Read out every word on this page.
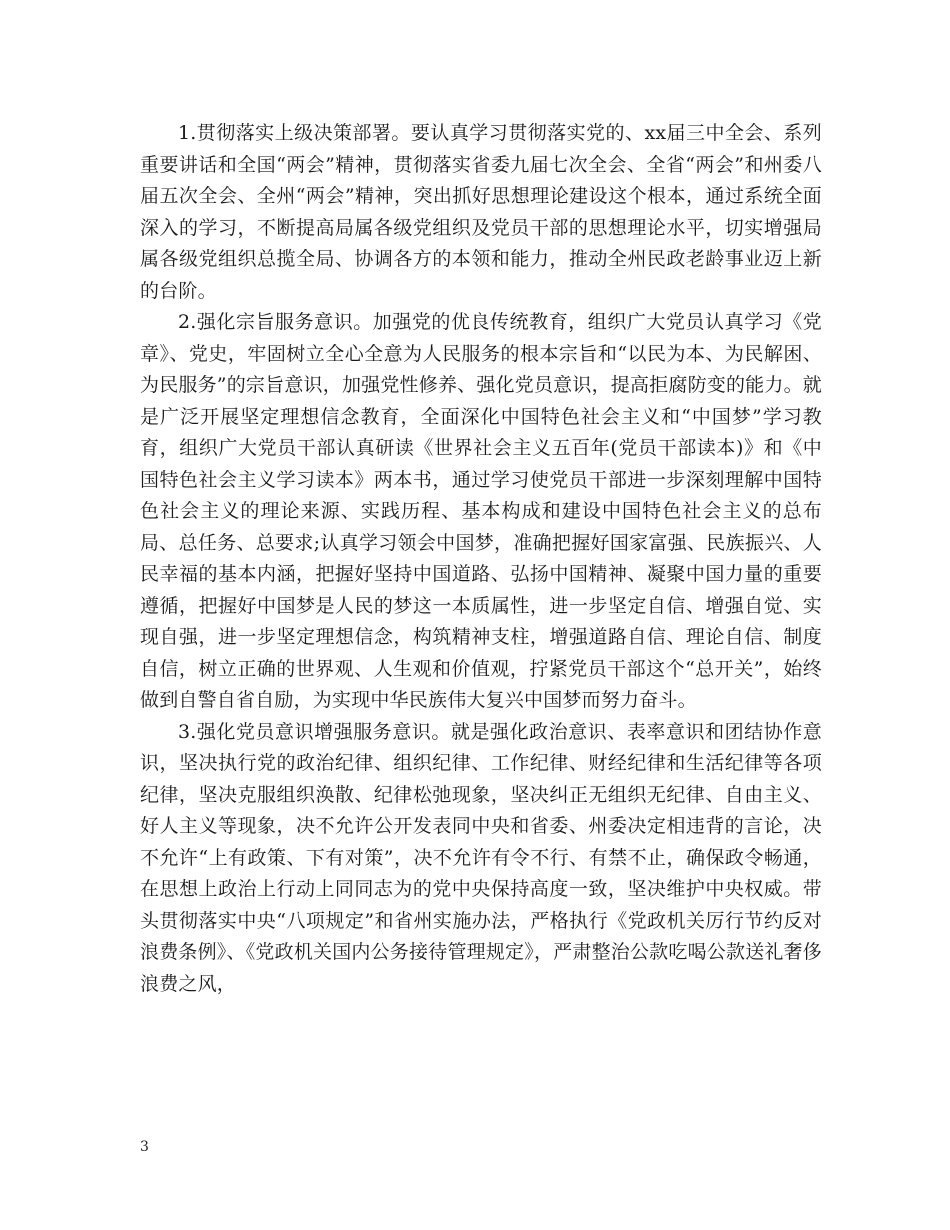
1.贯彻落实上级决策部署。要认真学习贯彻落实党的、xx届三中全会、系列重要讲话和全国“两会”精神，贯彻落实省委九届七次全会、全省“两会”和州委八届五次全会、全州“两会”精神，突出抓好思想理论建设这个根本，通过系统全面深入的学习，不断提高局属各级党组织及党员干部的思想理论水平，切实增强局属各级党组织总揽全局、协调各方的本领和能力，推动全州民政老龄事业迈上新的台阶。

2.强化宗旨服务意识。加强党的优良传统教育，组织广大党员认真学习《党章》、党史，牢固树立全心全意为人民服务的根本宗旨和“以民为本、为民解困、为民服务”的宗旨意识，加强党性修养、强化党员意识，提高拒腐防变的能力。就是广泛开展坚定理想信念教育，全面深化中国特色社会主义和“中国梦”学习教育，组织广大党员干部认真研读《世界社会主义五百年(党员干部读本)》和《中国特色社会主义学习读本》两本书，通过学习使党员干部进一步深刻理解中国特色社会主义的理论来源、实践历程、基本构成和建设中国特色社会主义的总布局、总任务、总要求;认真学习领会中国梦，准确把握好国家富强、民族振兴、人民幸福的基本内涵，把握好坚持中国道路、弘扬中国精神、凝聚中国力量的重要遵循，把握好中国梦是人民的梦这一本质属性，进一步坚定自信、增强自觉、实现自强，进一步坚定理想信念，构筑精神支柱，增强道路自信、理论自信、制度自信，树立正确的世界观、人生观和价值观，拧紧党员干部这个“总开关”，始终做到自警自省自励，为实现中华民族伟大复兴中国梦而努力奋斗。

3.强化党员意识增强服务意识。就是强化政治意识、表率意识和团结协作意识，坚决执行党的政治纪律、组织纪律、工作纪律、财经纪律和生活纪律等各项纪律，坚决克服组织涣散、纪律松弛现象，坚决纠正无组织无纪律、自由主义、好人主义等现象，决不允许公开发表同中央和省委、州委决定相违背的言论，决不允许“上有政策、下有对策”，决不允许有令不行、有禁不止，确保政令畅通，在思想上政治上行动上同同志为的党中央保持高度一致，坚决维护中央权威。带头贯彻落实中央“八项规定”和省州实施办法，严格执行《党政机关厉行节约反对浪费条例》、《党政机关国内公务接待管理规定》，严肃整治公款吃喝公款送礼奢侈浪费之风，

3
